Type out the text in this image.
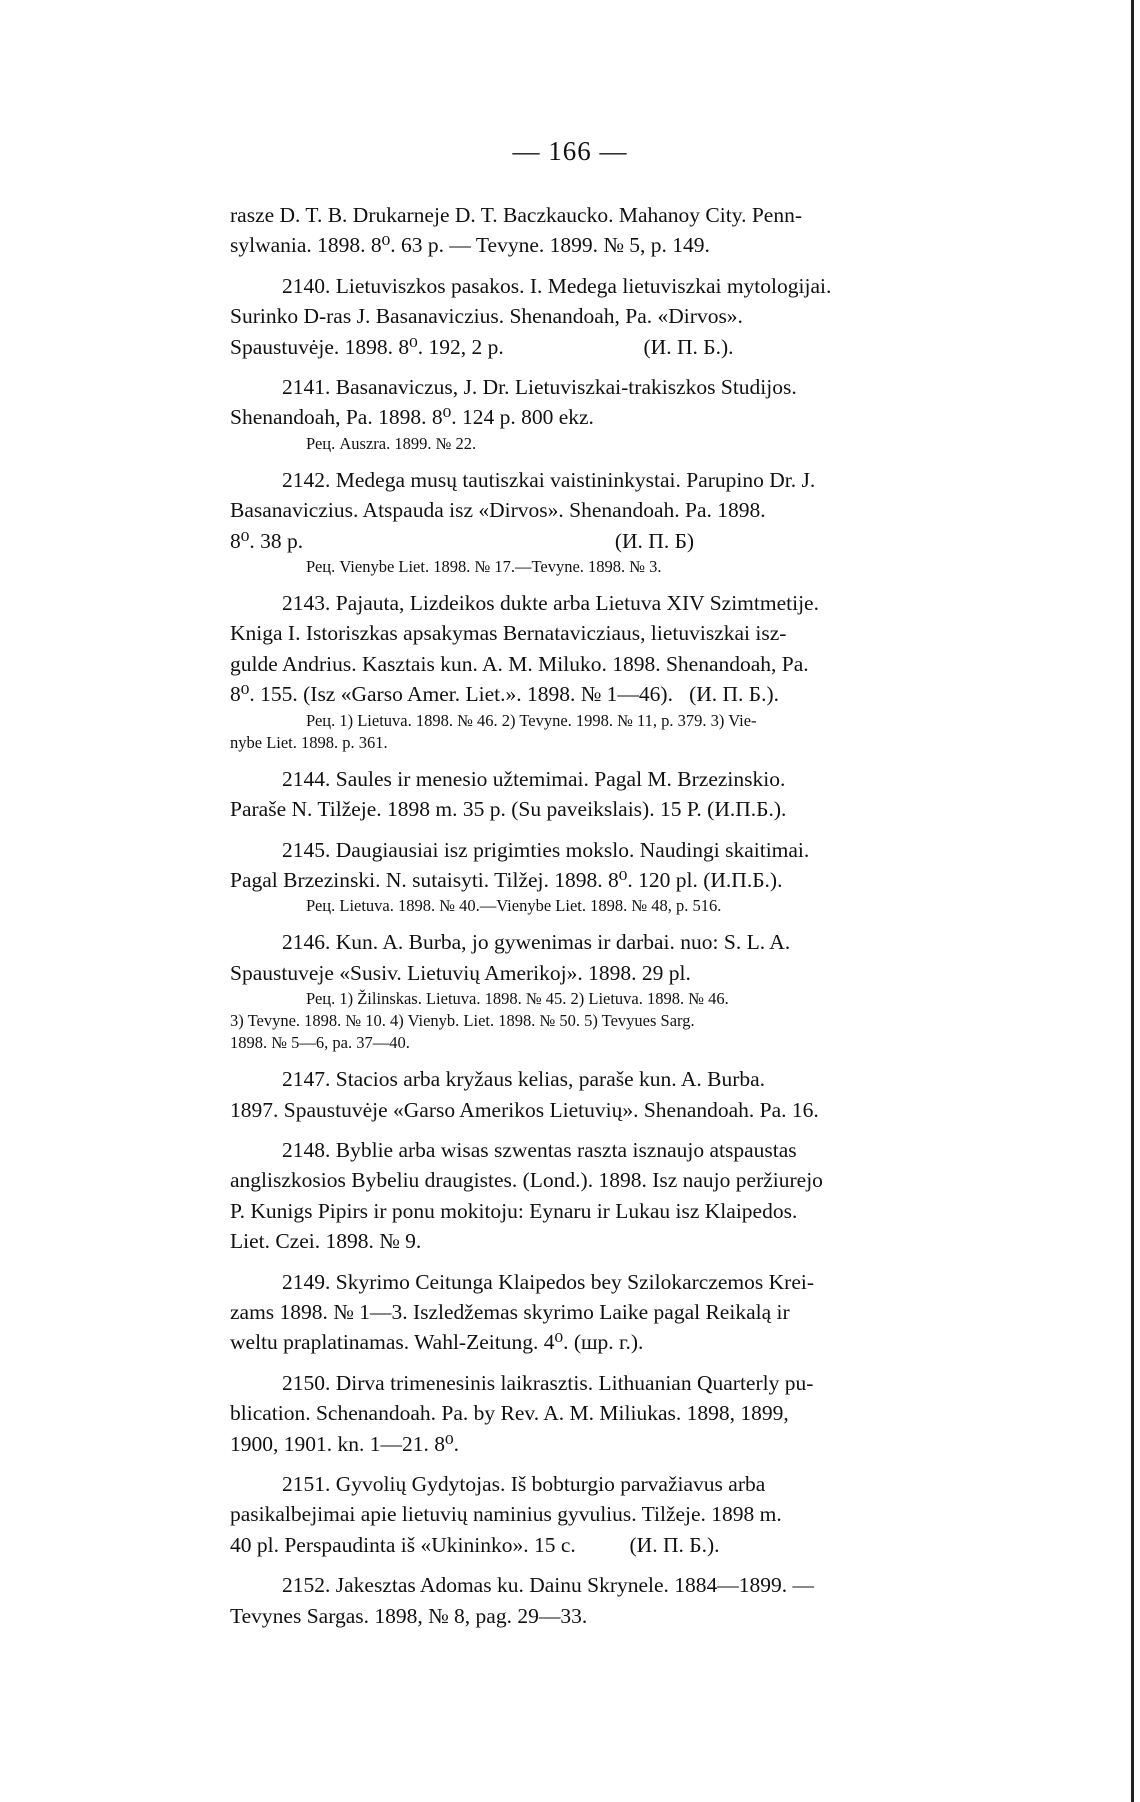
— 166 —
rasze D. T. B. Drukarneje D. T. Baczkaucko. Mahanoy City. Penn-
sylwania. 1898. 8⁰. 63 p. — Tevyne. 1899. № 5, p. 149.
2140. Lietuviszkos pasakos. I. Medega lietuviszkai mytologijai.
Surinko D-ras J. Basanaviczius. Shenandoah, Pa. «Dirvos».
Spaustuvėje. 1898. 8⁰. 192, 2 p.                          (И. П. Б.).
2141. Basanaviczus, J. Dr. Lietuviszkai-trakiszkos Studijos.
Shenandoah, Pa. 1898. 8⁰. 124 p. 800 ekz.
Рец. Auszra. 1899. № 22.
2142. Medega musų tautiszkai vaistininkystai. Parupino Dr. J.
Basanaviczius. Atspauda isz «Dirvos». Shenandoah. Pa. 1898.
8⁰. 38 p.                                                          (И. П. Б)
Рец. Vienybe Liet. 1898. № 17.—Tevyne. 1898. № 3.
2143. Pajauta, Lizdeikos dukte arba Lietuva XIV Szimtmetijе.
Kniga I. Istoriszkas apsakymas Bernatavicziaus, lietuviszkai isz-
gulde Andrius. Kasztais kun. A. M. Miluko. 1898. Shenandoah, Pa.
8⁰. 155. (Isz «Garso Amer. Liet.». 1898. № 1—46).   (И. П. Б.).
Рец. 1) Lietuva. 1898. № 46. 2) Tevyne. 1998. № 11, p. 379. 3) Vie-
nybe Liet. 1898. p. 361.
2144. Saules ir menesio užtemimai. Pagal M. Brzezinskio.
Paraše N. Tilžeje. 1898 m. 35 p. (Su paveikslais). 15 P. (И.П.Б.).
2145. Daugiausiai isz prigimties mokslo. Naudingi skaitimai.
Pagal Brzezinski. N. sutaisyti. Tilžej. 1898. 8⁰. 120 pl. (И.П.Б.).
Рец. Lietuva. 1898. № 40.—Vienybe Liet. 1898. № 48, p. 516.
2146. Kun. A. Burba, jo gywenimas ir darbai. nuo: S. L. A.
Spaustuveje «Susiv. Lietuvių Amerikoj». 1898. 29 pl.
Рец. 1) Žilinskas. Lietuva. 1898. № 45. 2) Lietuva. 1898. № 46.
3) Tevyne. 1898. № 10. 4) Vienyb. Liet. 1898. № 50. 5) Tevyues Sarg.
1898. № 5—6, pa. 37—40.
2147. Stacios arba kryžaus kelias, paraše kun. A. Burba.
1897. Spaustuvėje «Garso Amerikos Lietuvių». Shenandoah. Pa. 16.
2148. Byblie arba wisas szwentas raszta isznaujo atspaustas
angliszkosios Bybeliu draugistes. (Lond.). 1898. Isz naujo peržiurejo
P. Kunigs Pipirs ir ponu mokitoju: Eynaru ir Lukau isz Klaipedos.
Liet. Czei. 1898. № 9.
2149. Skyrimo Ceitunga Klaipedos bey Szilokarczemos Krei-
zams 1898. № 1—3. Iszledžemas skyrimo Laike pagal Reikalą ir
weltu praplatinamas. Wahl-Zeitung. 4⁰. (шр. г.).
2150. Dirva trimenesinis laikrasztis. Lithuanian Quarterly pu-
blication. Schenandoah. Pa. by Rev. A. M. Miliukas. 1898, 1899,
1900, 1901. kn. 1—21. 8⁰.
2151. Gyvolių Gydytojas. Iš bobturgio parvažiavus arba
pasikalbejimai apie lietuvių naminius gyvulius. Tilžeje. 1898 m.
40 pl. Perspaudinta iš «Ukininko». 15 c.          (И. П. Б.).
2152. Jakesztas Adomas ku. Dainu Skrynele. 1884—1899. —
Tevynes Sargas. 1898, № 8, pag. 29—33.
